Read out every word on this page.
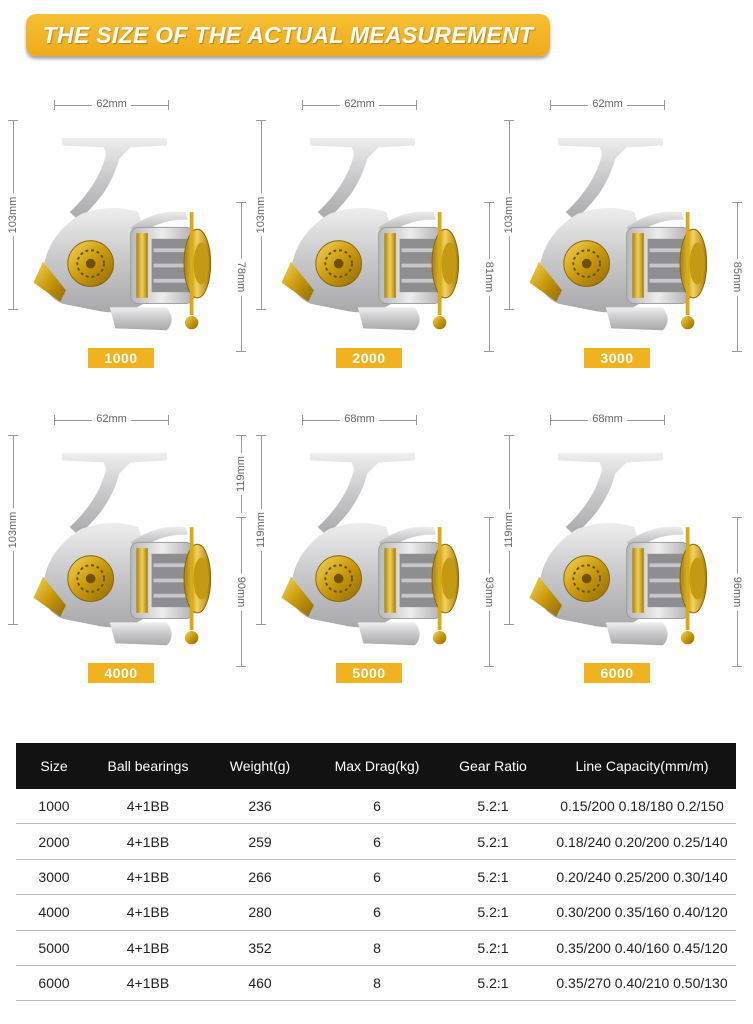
THE SIZE OF THE ACTUAL MEASUREMENT
62mm
103mm
78mm
1000
62mm
103mm
81mm
2000
62mm
103mm
85mm
3000
62mm
103mm
90mm
4000
119mm
68mm
119mm
93mm
5000
68mm
119mm
96mm
6000
Size	Ball bearings	Weight(g)	Max Drag(kg)	Gear Ratio	Line Capacity(mm/m)
1000	4+1BB	236	6	5.2:1	0.15/200 0.18/180 0.2/150
2000	4+1BB	259	6	5.2:1	0.18/240 0.20/200 0.25/140
3000	4+1BB	266	6	5.2:1	0.20/240 0.25/200 0.30/140
4000	4+1BB	280	6	5.2:1	0.30/200 0.35/160 0.40/120
5000	4+1BB	352	8	5.2:1	0.35/200 0.40/160 0.45/120
6000	4+1BB	460	8	5.2:1	0.35/270 0.40/210 0.50/130
